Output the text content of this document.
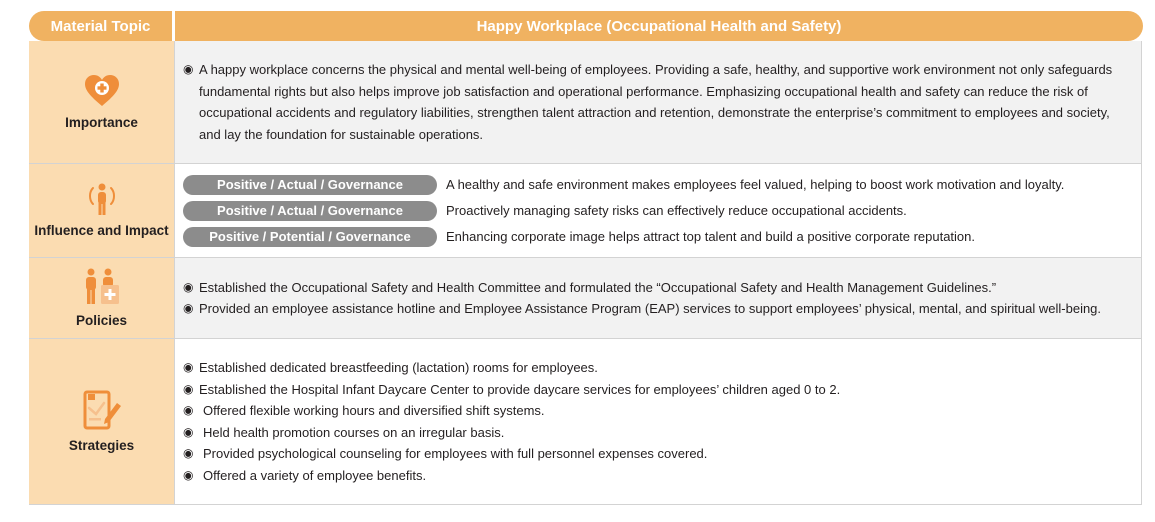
Material Topic	Happy Workplace (Occupational Health and Safety)
Importance
◉ A happy workplace concerns the physical and mental well-being of employees. Providing a safe, healthy, and supportive work environment not only safeguards fundamental rights but also helps improve job satisfaction and operational performance. Emphasizing occupational health and safety can reduce the risk of occupational accidents and regulatory liabilities, strengthen talent attraction and retention, demonstrate the enterprise’s commitment to employees and society, and lay the foundation for sustainable operations.
Influence and Impact
Positive / Actual / Governance	A healthy and safe environment makes employees feel valued, helping to boost work motivation and loyalty.
Positive / Actual / Governance	Proactively managing safety risks can effectively reduce occupational accidents.
Positive / Potential / Governance	Enhancing corporate image helps attract top talent and build a positive corporate reputation.
Policies
◉ Established the Occupational Safety and Health Committee and formulated the “Occupational Safety and Health Management Guidelines.”
◉ Provided an employee assistance hotline and Employee Assistance Program (EAP) services to support employees’ physical, mental, and spiritual well-being.
Strategies
◉ Established dedicated breastfeeding (lactation) rooms for employees.
◉ Established the Hospital Infant Daycare Center to provide daycare services for employees’ children aged 0 to 2.
◉ Offered flexible working hours and diversified shift systems.
◉ Held health promotion courses on an irregular basis.
◉ Provided psychological counseling for employees with full personnel expenses covered.
◉ Offered a variety of employee benefits.
